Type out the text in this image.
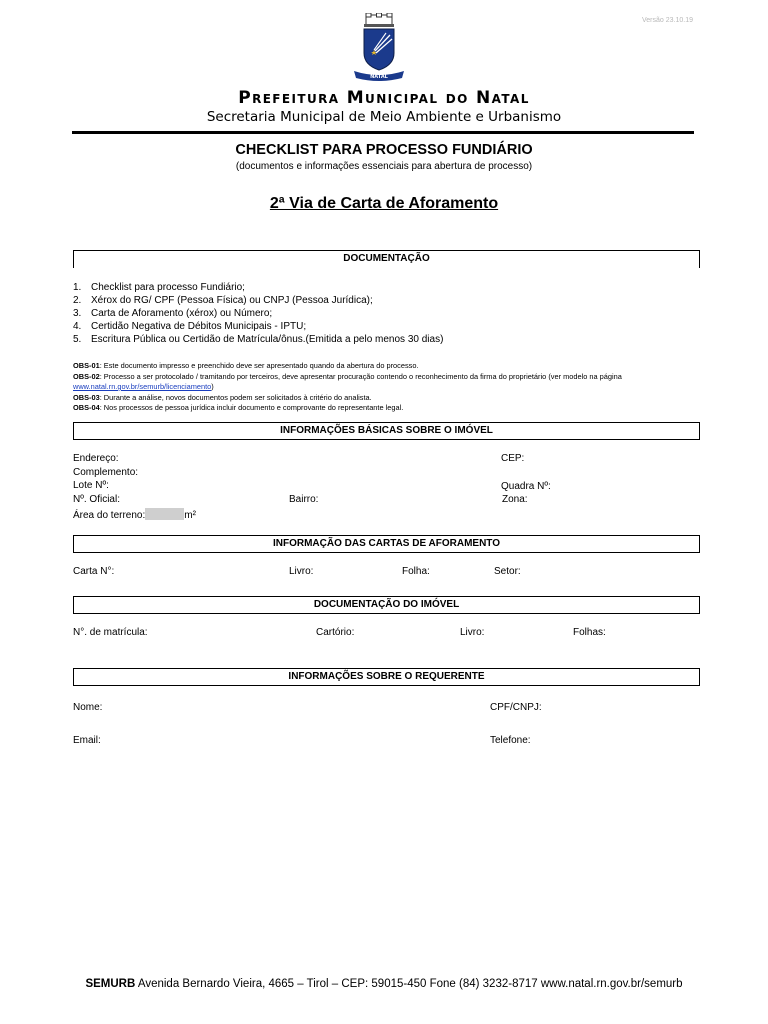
Versão 23.10.19
NATAL
Prefeitura Municipal do Natal
Secretaria Municipal de Meio Ambiente e Urbanismo
CHECKLIST PARA PROCESSO FUNDIÁRIO
(documentos e informações essenciais para abertura de processo)
2ª Via de Carta de Aforamento
DOCUMENTAÇÃO
1. Checklist para processo Fundiário;
2. Xérox do RG/ CPF (Pessoa Física) ou CNPJ (Pessoa Jurídica);
3. Carta de Aforamento (xérox) ou Número;
4. Certidão Negativa de Débitos Municipais - IPTU;
5. Escritura Pública ou Certidão de Matrícula/ônus.(Emitida a pelo menos 30 dias)
OBS-01: Este documento impresso e preenchido deve ser apresentado quando da abertura do processo.
OBS-02: Processo a ser protocolado / tramitando por terceiros, deve apresentar procuração contendo o reconhecimento da firma do proprietário (ver modelo na página
www.natal.rn.gov.br/semurb/licenciamento)
OBS-03: Durante a análise, novos documentos podem ser solicitados à critério do analista.
OBS-04: Nos processos de pessoa jurídica incluir documento e comprovante do representante legal.
INFORMAÇÕES BÁSICAS SOBRE O IMÓVEL
Endereço:	CEP:
Complemento:
Lote Nº:	Quadra Nº:
Nº. Oficial:	Bairro:	Zona:
Área do terreno:	m²
INFORMAÇÃO DAS CARTAS DE AFORAMENTO
Carta N°:	Livro:	Folha:	Setor:
DOCUMENTAÇÃO DO IMÓVEL
N°. de matrícula:	Cartório:	Livro:	Folhas:
INFORMAÇÕES SOBRE O REQUERENTE
Nome:	CPF/CNPJ:
Email:	Telefone:
SEMURB Avenida Bernardo Vieira, 4665 – Tirol – CEP: 59015-450 Fone (84) 3232-8717 www.natal.rn.gov.br/semurb
